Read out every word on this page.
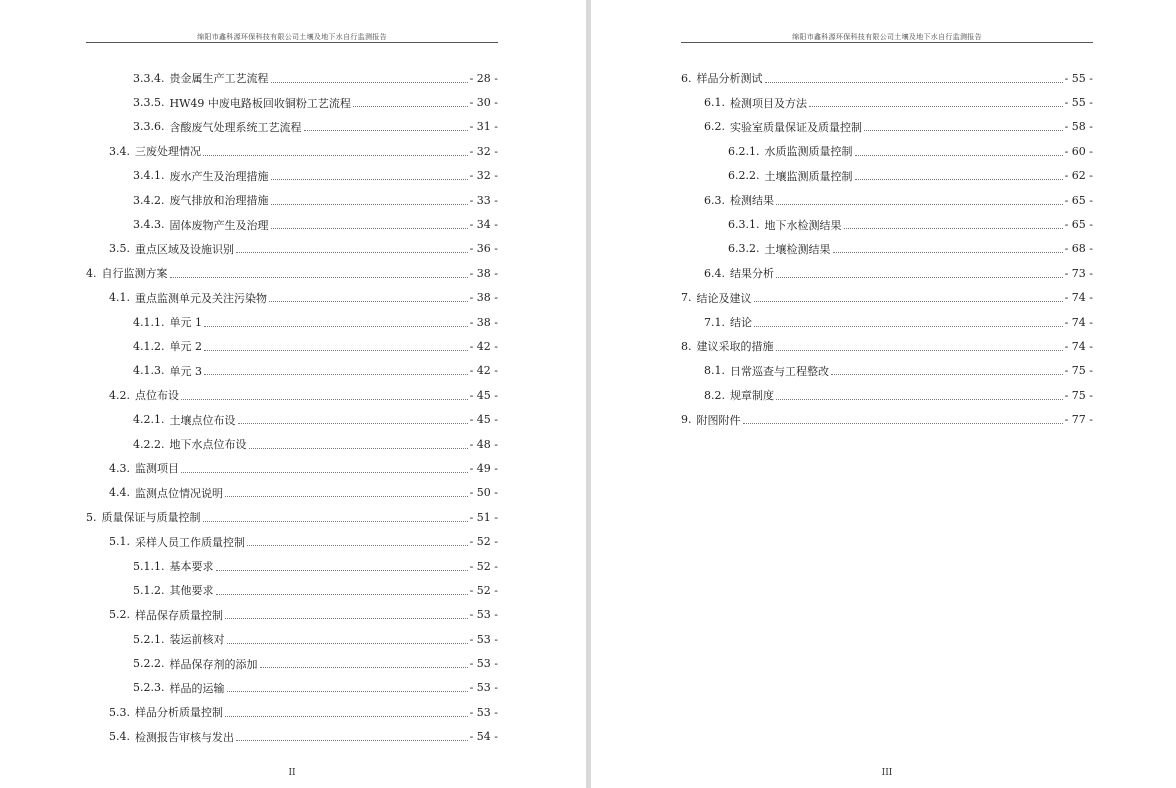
绵阳市鑫科源环保科技有限公司土壤及地下水自行监测报告
3.3.4. 贵金属生产工艺流程	- 28 -
3.3.5. HW49 中废电路板回收铜粉工艺流程	- 30 -
3.3.6. 含酸废气处理系统工艺流程	- 31 -
3.4. 三废处理情况	- 32 -
3.4.1. 废水产生及治理措施	- 32 -
3.4.2. 废气排放和治理措施	- 33 -
3.4.3. 固体废物产生及治理	- 34 -
3.5. 重点区域及设施识别	- 36 -
4. 自行监测方案	- 38 -
4.1. 重点监测单元及关注污染物	- 38 -
4.1.1. 单元 1	- 38 -
4.1.2. 单元 2	- 42 -
4.1.3. 单元 3	- 42 -
4.2. 点位布设	- 45 -
4.2.1. 土壤点位布设	- 45 -
4.2.2. 地下水点位布设	- 48 -
4.3. 监测项目	- 49 -
4.4. 监测点位情况说明	- 50 -
5. 质量保证与质量控制	- 51 -
5.1. 采样人员工作质量控制	- 52 -
5.1.1. 基本要求	- 52 -
5.1.2. 其他要求	- 52 -
5.2. 样品保存质量控制	- 53 -
5.2.1. 装运前核对	- 53 -
5.2.2. 样品保存剂的添加	- 53 -
5.2.3. 样品的运输	- 53 -
5.3. 样品分析质量控制	- 53 -
5.4. 检测报告审核与发出	- 54 -
II
绵阳市鑫科源环保科技有限公司土壤及地下水自行监测报告
6. 样品分析测试	- 55 -
6.1. 检测项目及方法	- 55 -
6.2. 实验室质量保证及质量控制	- 58 -
6.2.1. 水质监测质量控制	- 60 -
6.2.2. 土壤监测质量控制	- 62 -
6.3. 检测结果	- 65 -
6.3.1. 地下水检测结果	- 65 -
6.3.2. 土壤检测结果	- 68 -
6.4. 结果分析	- 73 -
7. 结论及建议	- 74 -
7.1. 结论	- 74 -
8. 建议采取的措施	- 74 -
8.1. 日常巡查与工程整改	- 75 -
8.2. 规章制度	- 75 -
9. 附图附件	- 77 -
III
